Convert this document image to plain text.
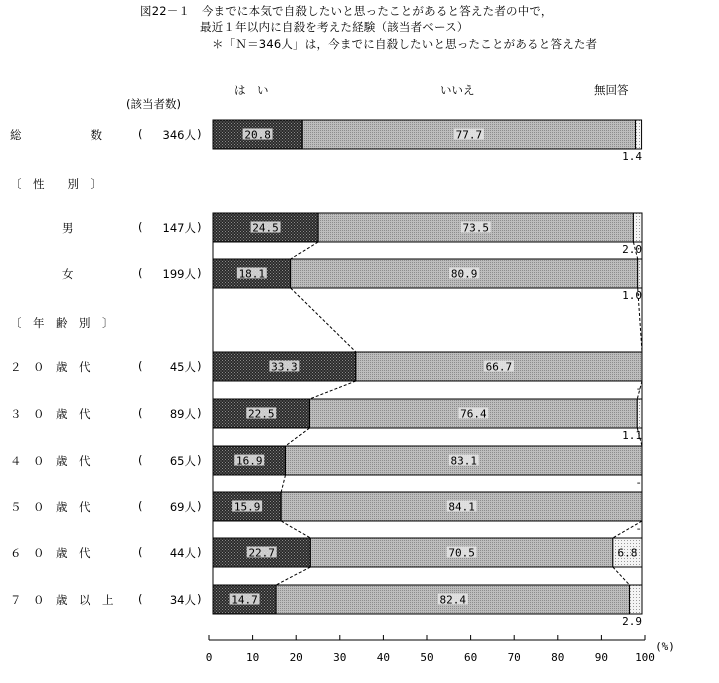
図22－１　今までに本気で自殺したいと思ったことがあると答えた者の中で，
最近１年以内に自殺を考えた経験（該当者ベース）
＊「Ｎ＝346人」は，今までに自殺したいと思ったことがあると答えた者
は　い	いいえ	無回答
(該当者数)
〔　性　　別　〕
〔　年　齢　別　〕
総　　　　　　数	( 346人 )
男	( 147人 )
女	( 199人 )
２　０　歳　代	( 45人 )
３　０　歳　代	( 89人 )
４　０　歳　代	( 65人 )
５　０　歳　代	( 69人 )
６　０　歳　代	( 44人 )
７　０　歳　以　上 ( 34人 )
20.8	77.7
1.4
24.5	73.5
2.0
18.1	80.9
1.0
33.3	66.7
-
22.5	76.4
1.1
16.9	83.1
-
15.9	84.1
-
22.7	70.5	6.8
14.7	82.4
2.9
0	10	20	30	40	50	60	70	80	90 100
(%)
